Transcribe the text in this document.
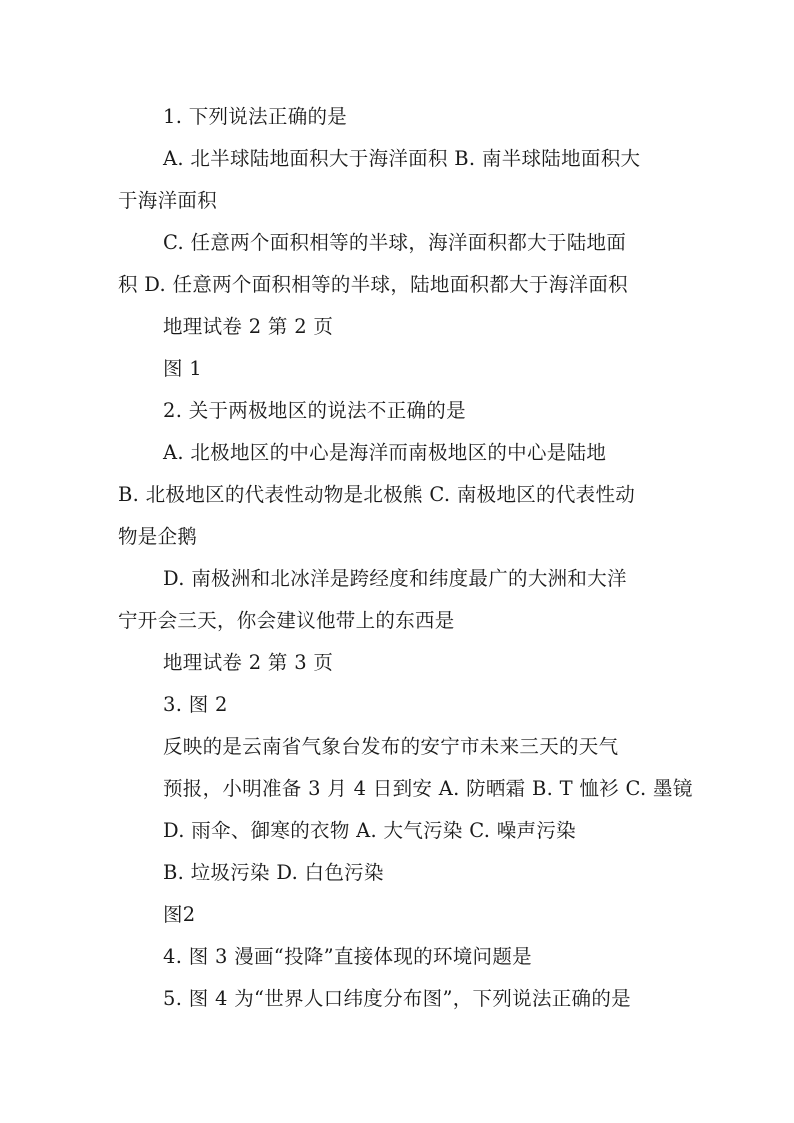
1. 下列说法正确的是
A. 北半球陆地面积大于海洋面积 B. 南半球陆地面积大
于海洋面积
C. 任意两个面积相等的半球，海洋面积都大于陆地面
积 D. 任意两个面积相等的半球，陆地面积都大于海洋面积
地理试卷 2 第 2 页
图 1
2. 关于两极地区的说法不正确的是
A. 北极地区的中心是海洋而南极地区的中心是陆地
B. 北极地区的代表性动物是北极熊 C. 南极地区的代表性动
物是企鹅
D. 南极洲和北冰洋是跨经度和纬度最广的大洲和大洋
宁开会三天，你会建议他带上的东西是
地理试卷 2 第 3 页
3. 图 2
反映的是云南省气象台发布的安宁市未来三天的天气
预报，小明准备 3 月 4 日到安 A. 防晒霜 B. T 恤衫 C. 墨镜
D. 雨伞、御寒的衣物 A. 大气污染 C. 噪声污染
B. 垃圾污染 D. 白色污染
图2
4. 图 3 漫画“投降”直接体现的环境问题是
5. 图 4 为“世界人口纬度分布图”，下列说法正确的是
